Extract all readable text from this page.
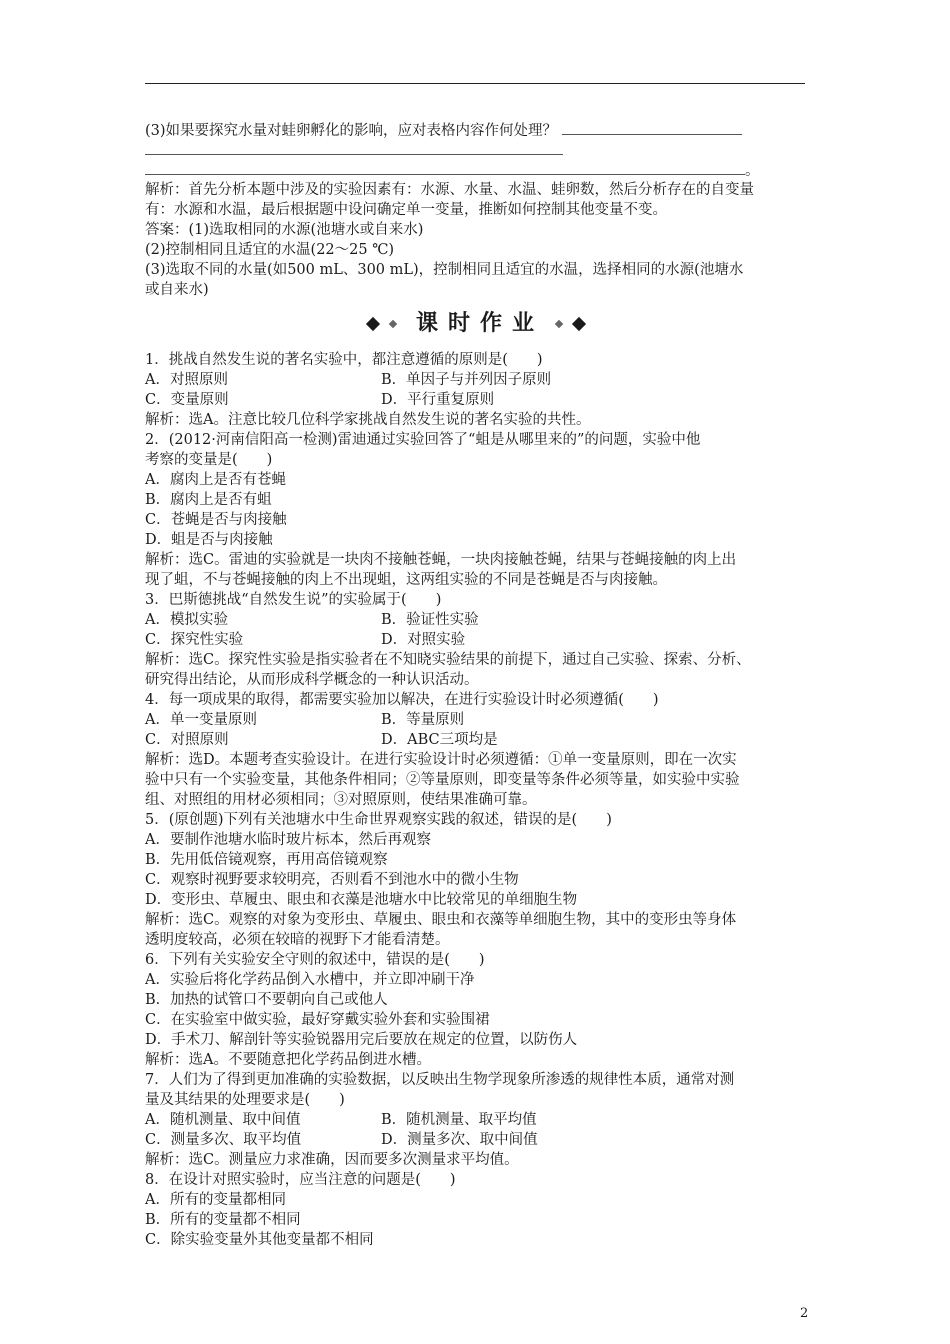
(3)如果要探究水量对蛙卵孵化的影响，应对表格内容作何处理？
。
解析：首先分析本题中涉及的实验因素有：水源、水量、水温、蛙卵数，然后分析存在的自变量
有：水源和水温，最后根据题中设问确定单一变量，推断如何控制其他变量不变。
答案：(1)选取相同的水源(池塘水或自来水)
(2)控制相同且适宜的水温(22～25 ℃)
(3)选取不同的水量(如500 mL、300 mL)，控制相同且适宜的水温，选择相同的水源(池塘水
或自来水)
课时作业
1．挑战自然发生说的著名实验中，都注意遵循的原则是(　　)
A．对照原则	B．单因子与并列因子原则
C．变量原则	D．平行重复原则
解析：选A。注意比较几位科学家挑战自然发生说的著名实验的共性。
2．(2012·河南信阳高一检测)雷迪通过实验回答了“蛆是从哪里来的”的问题，实验中他
考察的变量是(　　)
A．腐肉上是否有苍蝇
B．腐肉上是否有蛆
C．苍蝇是否与肉接触
D．蛆是否与肉接触
解析：选C。雷迪的实验就是一块肉不接触苍蝇，一块肉接触苍蝇，结果与苍蝇接触的肉上出
现了蛆，不与苍蝇接触的肉上不出现蛆，这两组实验的不同是苍蝇是否与肉接触。
3．巴斯德挑战“自然发生说”的实验属于(　　)
A．模拟实验	B．验证性实验
C．探究性实验	D．对照实验
解析：选C。探究性实验是指实验者在不知晓实验结果的前提下，通过自己实验、探索、分析、
研究得出结论，从而形成科学概念的一种认识活动。
4．每一项成果的取得，都需要实验加以解决，在进行实验设计时必须遵循(　　)
A．单一变量原则	B．等量原则
C．对照原则	D．ABC三项均是
解析：选D。本题考查实验设计。在进行实验设计时必须遵循：①单一变量原则，即在一次实
验中只有一个实验变量，其他条件相同；②等量原则，即变量等条件必须等量，如实验中实验
组、对照组的用材必须相同；③对照原则，使结果准确可靠。
5．(原创题)下列有关池塘水中生命世界观察实践的叙述，错误的是(　　)
A．要制作池塘水临时玻片标本，然后再观察
B．先用低倍镜观察，再用高倍镜观察
C．观察时视野要求较明亮，否则看不到池水中的微小生物
D．变形虫、草履虫、眼虫和衣藻是池塘水中比较常见的单细胞生物
解析：选C。观察的对象为变形虫、草履虫、眼虫和衣藻等单细胞生物，其中的变形虫等身体
透明度较高，必须在较暗的视野下才能看清楚。
6．下列有关实验安全守则的叙述中，错误的是(　　)
A．实验后将化学药品倒入水槽中，并立即冲刷干净
B．加热的试管口不要朝向自己或他人
C．在实验室中做实验，最好穿戴实验外套和实验围裙
D．手术刀、解剖针等实验锐器用完后要放在规定的位置，以防伤人
解析：选A。不要随意把化学药品倒进水槽。
7．人们为了得到更加准确的实验数据，以反映出生物学现象所渗透的规律性本质，通常对测
量及其结果的处理要求是(　　)
A．随机测量、取中间值	B．随机测量、取平均值
C．测量多次、取平均值	D．测量多次、取中间值
解析：选C。测量应力求准确，因而要多次测量求平均值。
8．在设计对照实验时，应当注意的问题是(　　)
A．所有的变量都相同
B．所有的变量都不相同
C．除实验变量外其他变量都不相同
2
